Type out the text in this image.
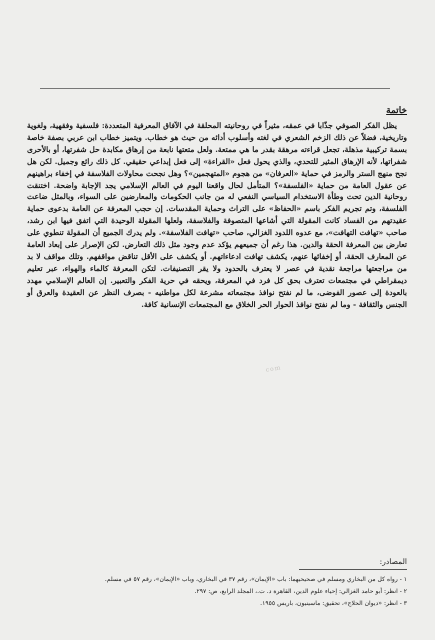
خاتمة

يظل الفكر الصوفي جذّابا في عمقه، مثيراً في روحانيته المحلقة في الآفاق المعرفية المتعددة: فلسفية وفقهية، ولغوية وتاريخية، فضلاً عن ذلك الزخم الشعري في لغته وأسلوب أدائه من حيث هو خطاب. ويتميز خطاب ابن عربي بصفة خاصة بسمة تركيبية مذهلة، تجعل قراءته مرهقة بقدر ما هي ممتعة. ولعل متعتها نابعة من إرهاق مكابدة حل شفرتها، أو بالأحرى شفراتها، لأنه الإرهاق المثير للتحدي، والذي يحول فعل «القراءة» إلى فعل إبداعي حقيقي. كل ذلك رائع وجميل. لكن هل نجح منهج الستر والرمز في حماية «العرفان» من هجوم «المتهجمين»؟ وهل نجحت محاولات الفلاسفة في إخفاء براهينهم عن عقول العامة من حماية «الفلسفة»؟ المتأمل لحال واقعنا اليوم في العالم الإسلامي يجد الإجابة واضحة. اختنقت روحانية الدين تحت وطأة الاستخدام السياسي النفعي له من جانب الحكومات والمعارضين على السواء، وبالمثل ضاعت الفلسفة، وتم تجريم الفكر باسم «الحفاظ» على التراث وحماية المقدسات. إن حجب المعرفة عن العامة بدعوى حماية عقيدتهم من الفساد كانت المقولة التي أشاعها المتصوفة والفلاسفة، ولعلها المقولة الوحيدة التي اتفق فيها ابن رشد، صاحب «تهافت التهافت»، مع عدوه اللدود الغزالي، صاحب «تهافت الفلاسفة». ولم يدرك الجميع أن المقولة تنطوي على تعارض بين المعرفة الحقة والدين. هذا رغم أن جميعهم يؤكد عدم وجود مثل ذلك التعارض. لكن الإصرار على إبعاد العامة عن المعارف الحقة، أو إخفائها عنهم، يكشف تهافت ادعاءاتهم. أو يكشف على الأقل تناقض مواقفهم. وتلك مواقف لا بد من مراجعتها مراجعة نقدية في عصر لا يعترف بالحدود ولا يقر التصنيفات. لتكن المعرفة كالماء والهواء، عبر تعليم ديمقراطي في مجتمعات تعترف بحق كل فرد في المعرفة، ويحقه في حرية الفكر والتعبير. إن العالم الإسلامي مهدد بالعودة إلى عصور الفوضى، ما لم نفتح نوافذ مجتمعاته مشرعة لكل مواطنيه - بصرف النظر عن العقيدة والعرق أو الجنس والثقافة - وما لم نفتح نوافذ الحوار الحر الخلاق مع المجتمعات الإنسانية كافة.

com
المصادر:

١ - رواه كل من البخاري ومسلم في صحيحيهما: باب «الإيمان»، رقم ٣٧ في البخاري، وباب «الإيمان»، رقم ٥٧ في مسلم.

٢ - انظر: أبو حامد الغزالي: إحياء علوم الدين، القاهرة د. ت.، المجلد الرابع، ص: ٢٩٧.

٣ - انظر: «ديوان الحلاج»، تحقيق: ماسينيون، باريس ١٩٥٥.
